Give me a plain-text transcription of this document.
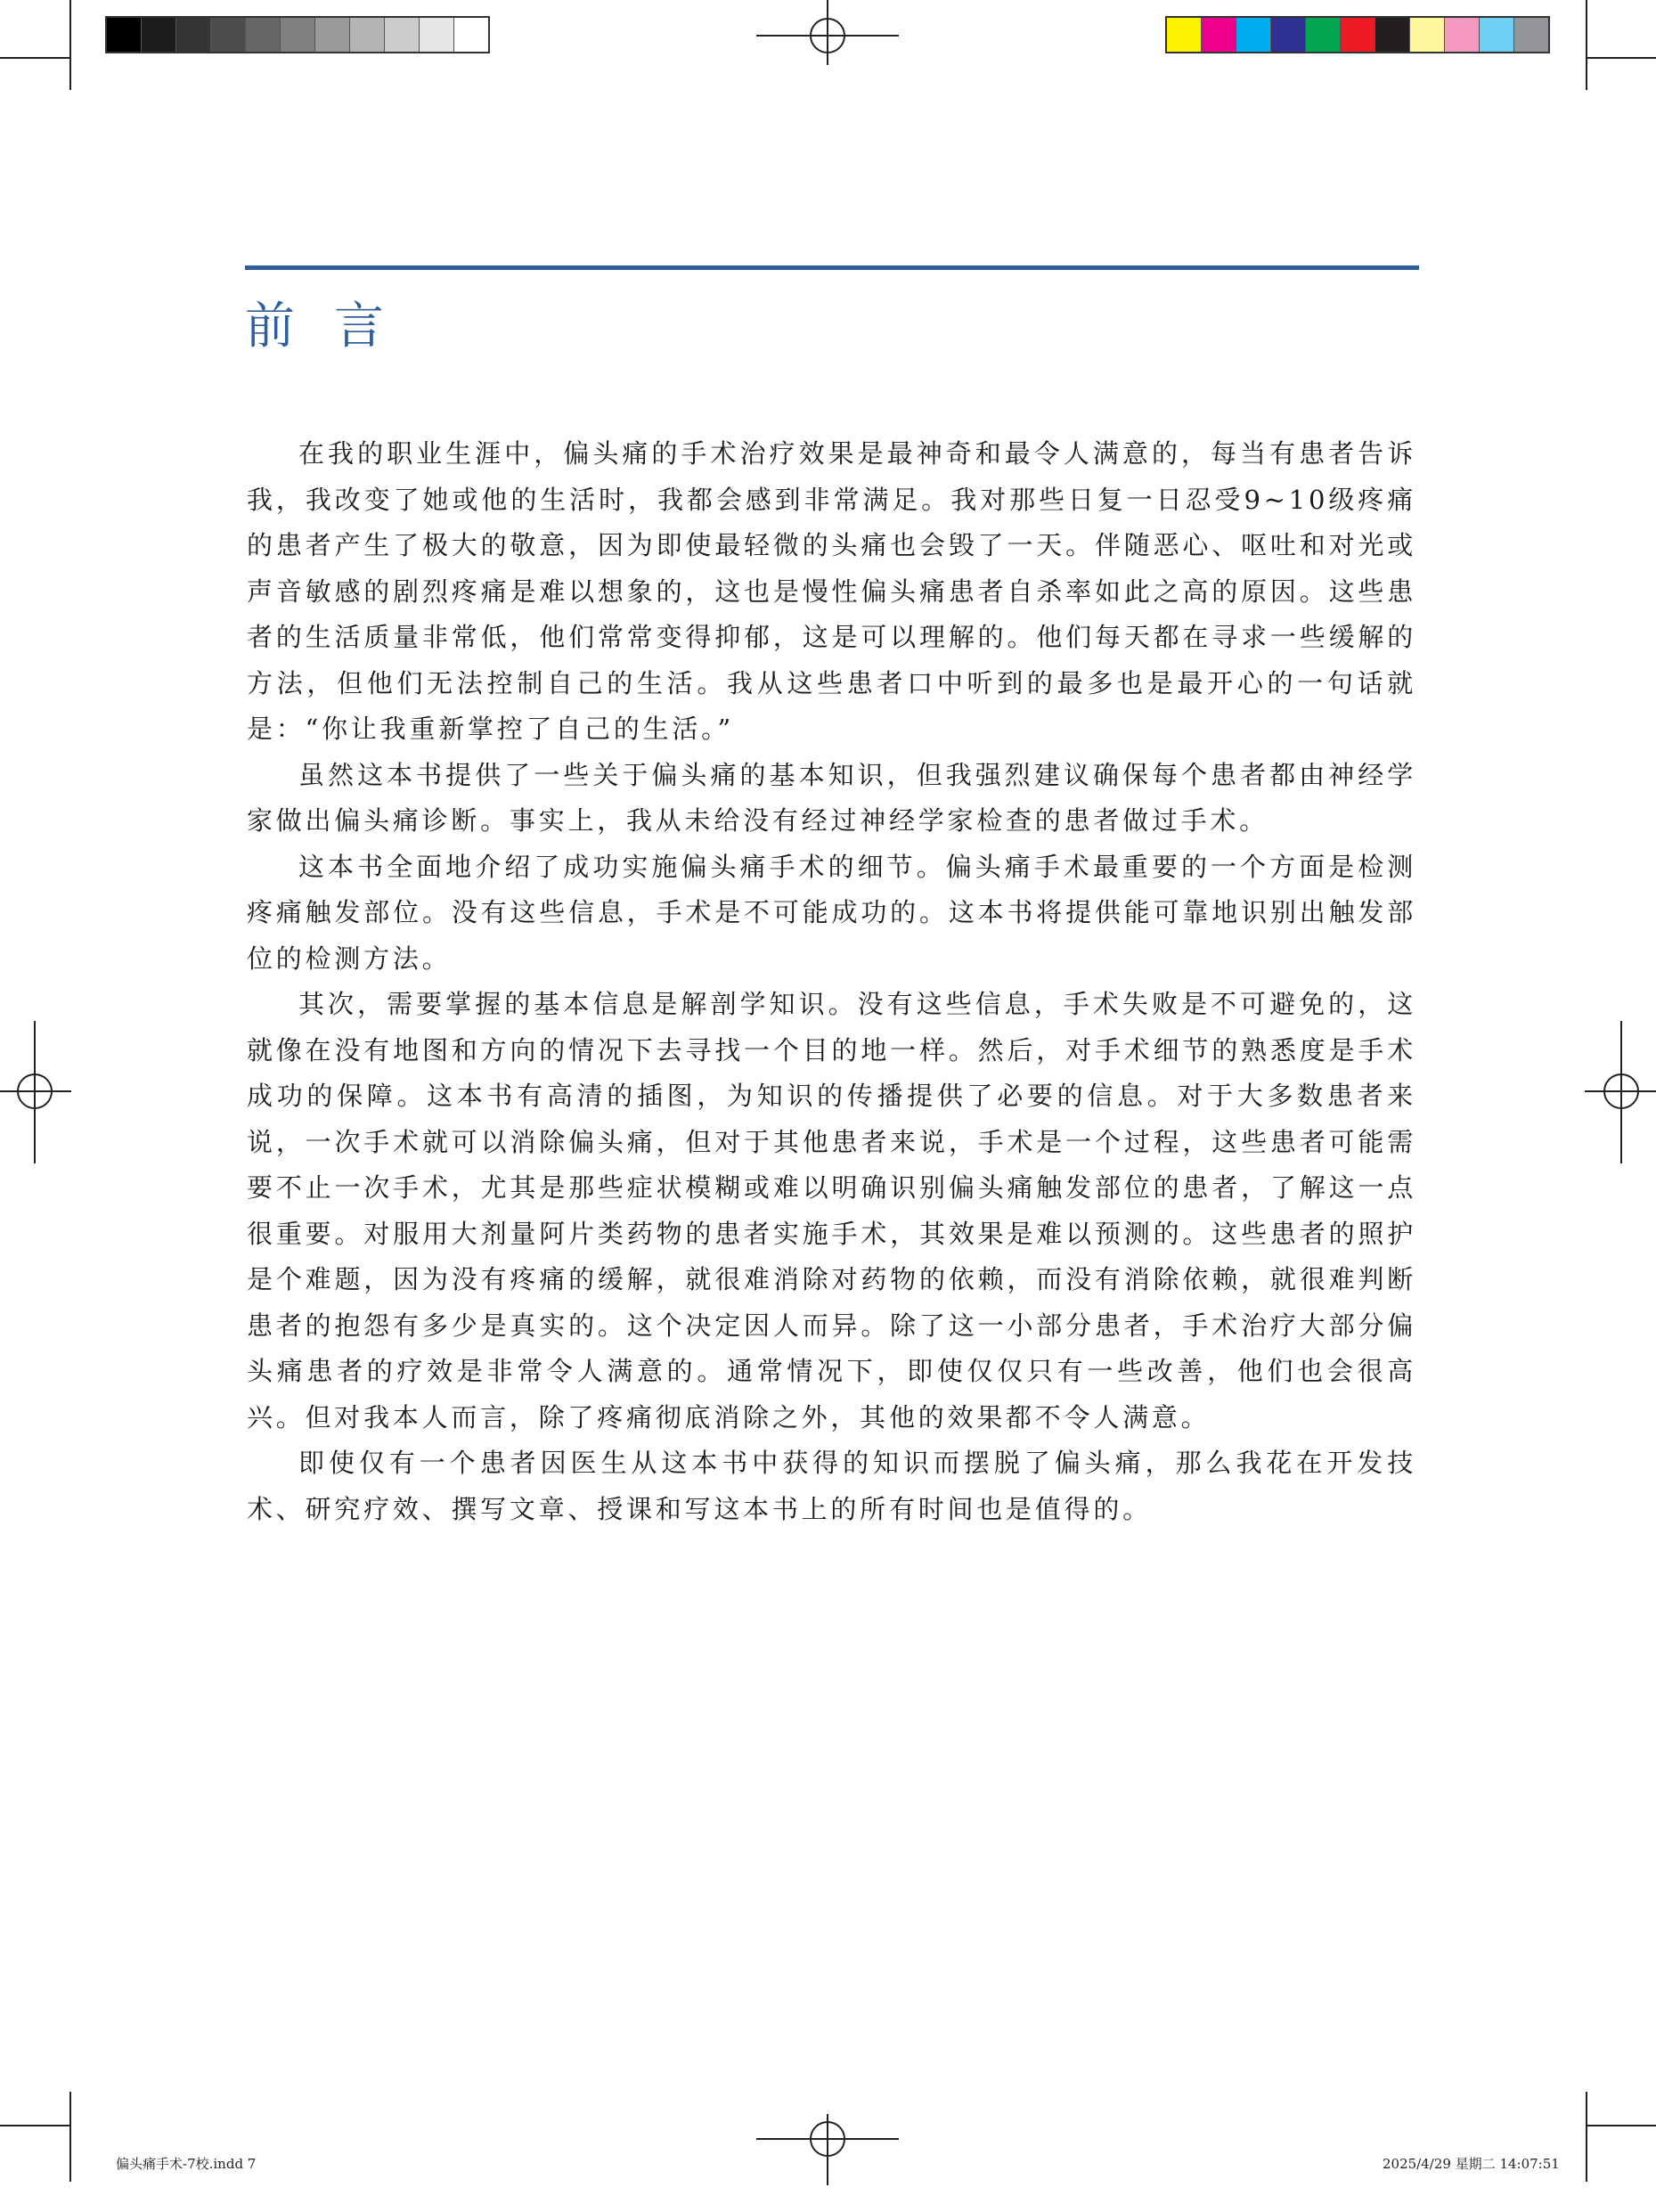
前 言

在我的职业生涯中，偏头痛的手术治疗效果是最神奇和最令人满意的，每当有患者告诉我，我改变了她或他的生活时，我都会感到非常满足。我对那些日复一日忍受9~10级疼痛的患者产生了极大的敬意，因为即使最轻微的头痛也会毁了一天。伴随恶心、呕吐和对光或声音敏感的剧烈疼痛是难以想象的，这也是慢性偏头痛患者自杀率如此之高的原因。这些患者的生活质量非常低，他们常常变得抑郁，这是可以理解的。他们每天都在寻求一些缓解的方法，但他们无法控制自己的生活。我从这些患者口中听到的最多也是最开心的一句话就是：“你让我重新掌控了自己的生活。”

虽然这本书提供了一些关于偏头痛的基本知识，但我强烈建议确保每个患者都由神经学家做出偏头痛诊断。事实上，我从未给没有经过神经学家检查的患者做过手术。

这本书全面地介绍了成功实施偏头痛手术的细节。偏头痛手术最重要的一个方面是检测疼痛触发部位。没有这些信息，手术是不可能成功的。这本书将提供能可靠地识别出触发部位的检测方法。

其次，需要掌握的基本信息是解剖学知识。没有这些信息，手术失败是不可避免的，这就像在没有地图和方向的情况下去寻找一个目的地一样。然后，对手术细节的熟悉度是手术成功的保障。这本书有高清的插图，为知识的传播提供了必要的信息。对于大多数患者来说，一次手术就可以消除偏头痛，但对于其他患者来说，手术是一个过程，这些患者可能需要不止一次手术，尤其是那些症状模糊或难以明确识别偏头痛触发部位的患者，了解这一点很重要。对服用大剂量阿片类药物的患者实施手术，其效果是难以预测的。这些患者的照护是个难题，因为没有疼痛的缓解，就很难消除对药物的依赖，而没有消除依赖，就很难判断患者的抱怨有多少是真实的。这个决定因人而异。除了这一小部分患者，手术治疗大部分偏头痛患者的疗效是非常令人满意的。通常情况下，即使仅仅只有一些改善，他们也会很高兴。但对我本人而言，除了疼痛彻底消除之外，其他的效果都不令人满意。

即使仅有一个患者因医生从这本书中获得的知识而摆脱了偏头痛，那么我花在开发技术、研究疗效、撰写文章、授课和写这本书上的所有时间也是值得的。

偏头痛手术-7校.indd 7	2025/4/29 星期二 14:07:51
